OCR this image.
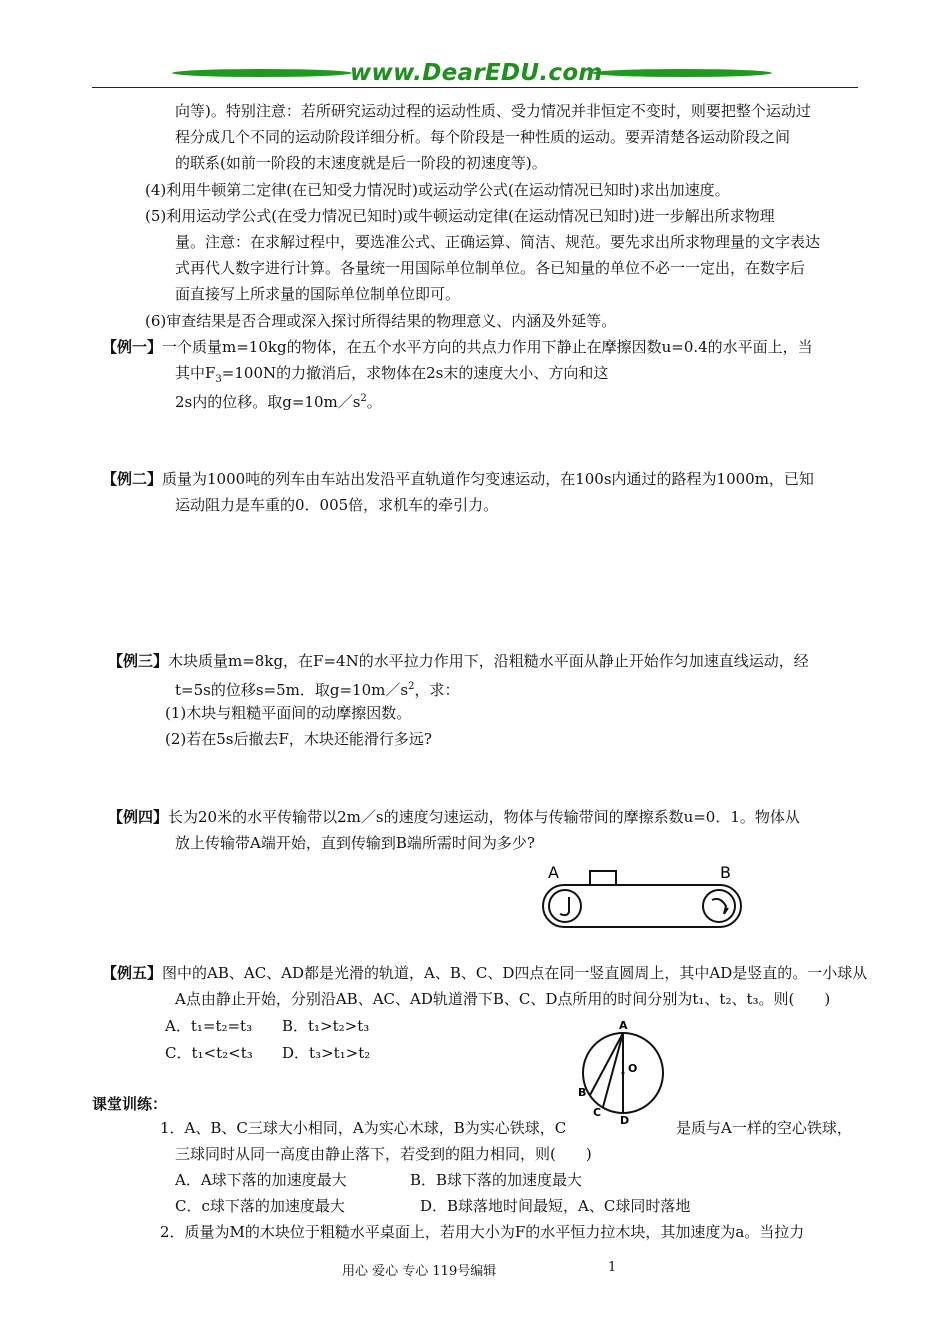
www.DearEDU.com
向等)。特别注意：若所研究运动过程的运动性质、受力情况并非恒定不变时，则要把整个运动过
程分成几个不同的运动阶段详细分析。每个阶段是一种性质的运动。要弄清楚各运动阶段之间
的联系(如前一阶段的末速度就是后一阶段的初速度等)。
(4)利用牛顿第二定律(在已知受力情况时)或运动学公式(在运动情况已知时)求出加速度。
(5)利用运动学公式(在受力情况已知时)或牛顿运动定律(在运动情况已知时)进一步解出所求物理
量。注意：在求解过程中，要选准公式、正确运算、简洁、规范。要先求出所求物理量的文字表达
式再代人数字进行计算。各量统一用国际单位制单位。各已知量的单位不必一一定出，在数字后
面直接写上所求量的国际单位制单位即可。
(6)审查结果是否合理或深入探讨所得结果的物理意义、内涵及外延等。
【例一】一个质量m=10kg的物体，在五个水平方向的共点力作用下静止在摩擦因数u=0.4的水平面上，当
其中$F_3=100N$的力撤消后，求物体在2s末的速度大小、方向和这
2s内的位移。取$g=10m/s^2$。
【例二】质量为1000吨的列车由车站出发沿平直轨道作匀变速运动，在100s内通过的路程为1000m，已知
运动阻力是车重的0．005倍，求机车的牵引力。
【例三】木块质量m=8kg，在F=4N的水平拉力作用下，沿粗糙水平面从静止开始作匀加速直线运动，经
t=5s的位移s=5m．取$g=10m/s^2$，求：
(1)木块与粗糙平面间的动摩擦因数。
(2)若在5s后撤去F，木块还能滑行多远?
【例四】长为20米的水平传输带以2m／s的速度匀速运动，物体与传输带间的摩擦系数u=0．1。物体从
放上传输带A端开始，直到传输到B端所需时间为多少?
A	B
【例五】图中的AB、AC、AD都是光滑的轨道，A、B、C、D四点在同一竖直圆周上，其中AD是竖直的。一小球从
A点由静止开始，分别沿AB、AC、AD轨道滑下B、C、D点所用的时间分别为t₁、t₂、t₃。则(　　)
A．t₁=t₂=t₃ B．t₁>t₂>t₃
C．t₁<t₂<t₃ D．t₃>t₁>t₂
A
O
B
C
D
课堂训练：
1．A、B、C三球大小相同，A为实心木球，B为实心铁球，C	是质与A一样的空心铁球，
三球同时从同一高度由静止落下，若受到的阻力相同，则(　　)
A．A球下落的加速度最大	B．B球下落的加速度最大
C．c球下落的加速度最大	D．B球落地时间最短，A、C球同时落地
2．质量为M的木块位于粗糙水平桌面上，若用大小为F的水平恒力拉木块，其加速度为a。当拉力
用心 爱心 专心 119号编辑	1
